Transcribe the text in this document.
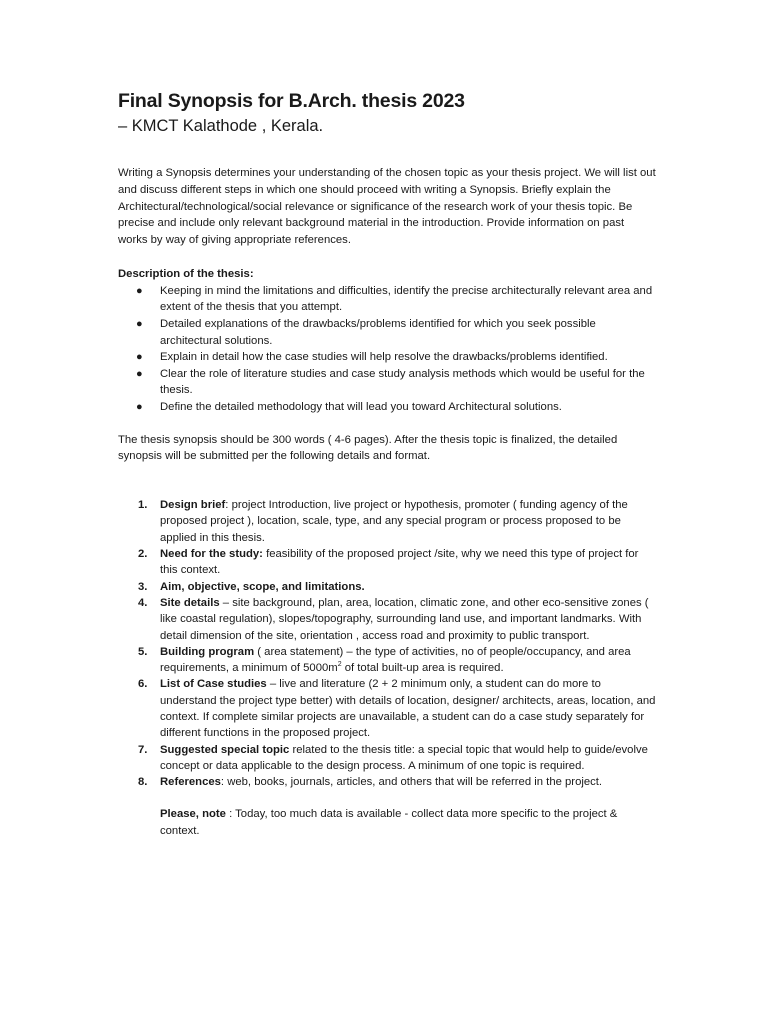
Final Synopsis for B.Arch. thesis 2023

– KMCT Kalathode , Kerala.

Writing a Synopsis determines your understanding of the chosen topic as your thesis project. We will list out and discuss different steps in which one should proceed with writing a Synopsis. Briefly explain the Architectural/technological/social relevance or significance of the research work of your thesis topic. Be precise and include only relevant background material in the introduction. Provide information on past works by way of giving appropriate references.

Description of the thesis:
● Keeping in mind the limitations and difficulties, identify the precise architecturally relevant area and extent of the thesis that you attempt.
● Detailed explanations of the drawbacks/problems identified for which you seek possible architectural solutions.
● Explain in detail how the case studies will help resolve the drawbacks/problems identified.
● Clear the role of literature studies and case study analysis methods which would be useful for the thesis.
● Define the detailed methodology that will lead you toward Architectural solutions.

The thesis synopsis should be 300 words ( 4-6 pages). After the thesis topic is finalized, the detailed synopsis will be submitted per the following details and format.

1. Design brief: project Introduction, live project or hypothesis, promoter ( funding agency of the proposed project ), location, scale, type, and any special program or process proposed to be applied in this thesis.
2. Need for the study: feasibility of the proposed project /site, why we need this type of project for this context.
3. Aim, objective, scope, and limitations.
4. Site details – site background, plan, area, location, climatic zone, and other eco-sensitive zones ( like coastal regulation), slopes/topography, surrounding land use, and important landmarks. With detail dimension of the site, orientation , access road and proximity to public transport.
5. Building program ( area statement) – the type of activities, no of people/occupancy, and area requirements, a minimum of $5000m^2$ of total built-up area is required.
6. List of Case studies – live and literature (2 + 2 minimum only, a student can do more to understand the project type better) with details of location, designer/ architects, areas, location, and context. If complete similar projects are unavailable, a student can do a case study separately for different functions in the proposed project.
7. Suggested special topic related to the thesis title: a special topic that would help to guide/evolve concept or data applicable to the design process. A minimum of one topic is required.
8. References: web, books, journals, articles, and others that will be referred in the project.
Please, note : Today, too much data is available - collect data more specific to the project & context.
